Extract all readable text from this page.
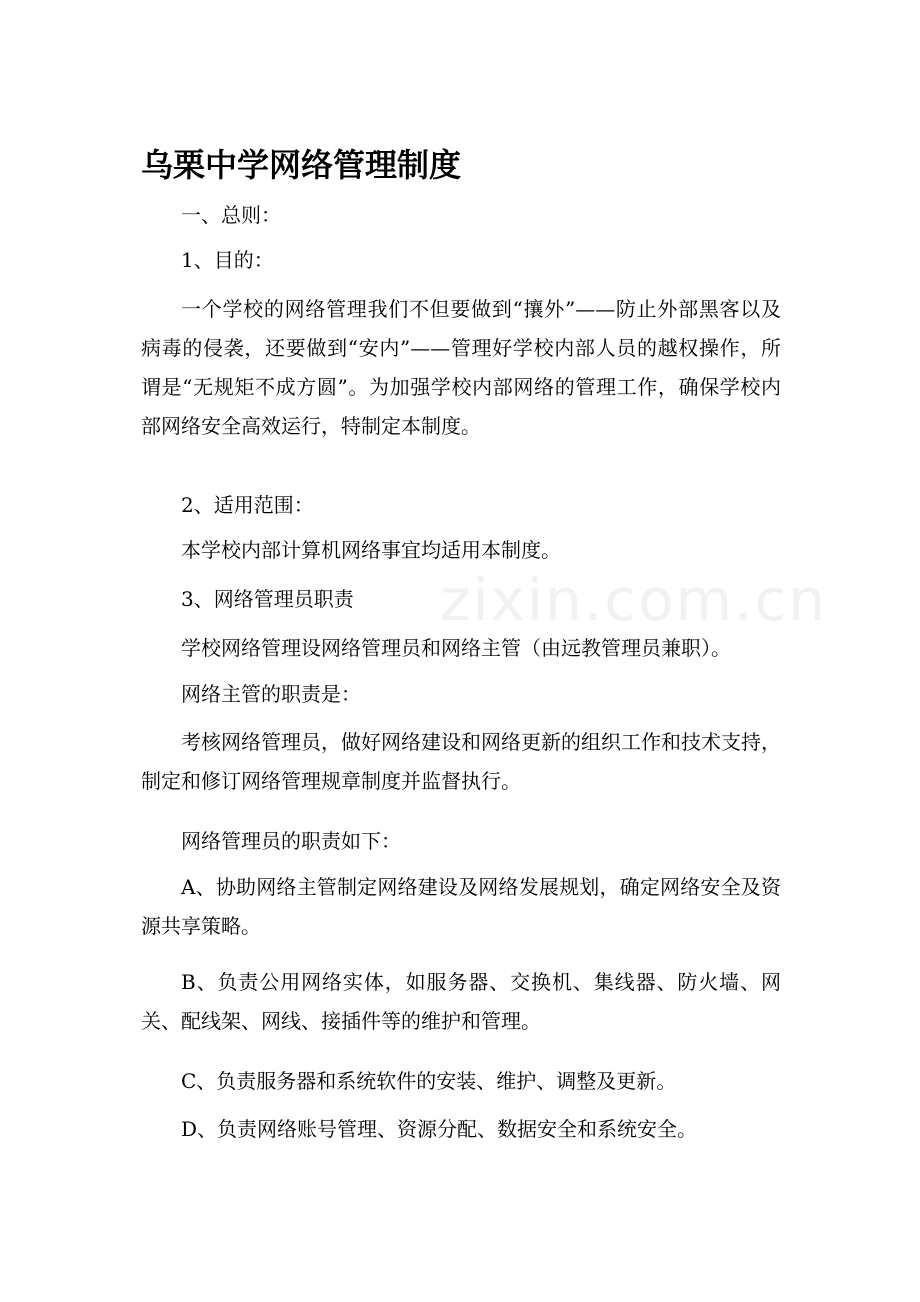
乌栗中学网络管理制度
zixin.com.cn

一、总则：

1、目的：

一个学校的网络管理我们不但要做到“攘外”——防止外部黑客以及病毒的侵袭，还要做到“安内”——管理好学校内部人员的越权操作，所谓是“无规矩不成方圆”。为加强学校内部网络的管理工作，确保学校内部网络安全高效运行，特制定本制度。

2、适用范围：

本学校内部计算机网络事宜均适用本制度。

3、网络管理员职责

学校网络管理设网络管理员和网络主管（由远教管理员兼职）。

网络主管的职责是：

考核网络管理员，做好网络建设和网络更新的组织工作和技术支持，制定和修订网络管理规章制度并监督执行。

网络管理员的职责如下：

A、协助网络主管制定网络建设及网络发展规划，确定网络安全及资源共享策略。

B、负责公用网络实体，如服务器、交换机、集线器、防火墙、网关、配线架、网线、接插件等的维护和管理。

C、负责服务器和系统软件的安装、维护、调整及更新。

D、负责网络账号管理、资源分配、数据安全和系统安全。
